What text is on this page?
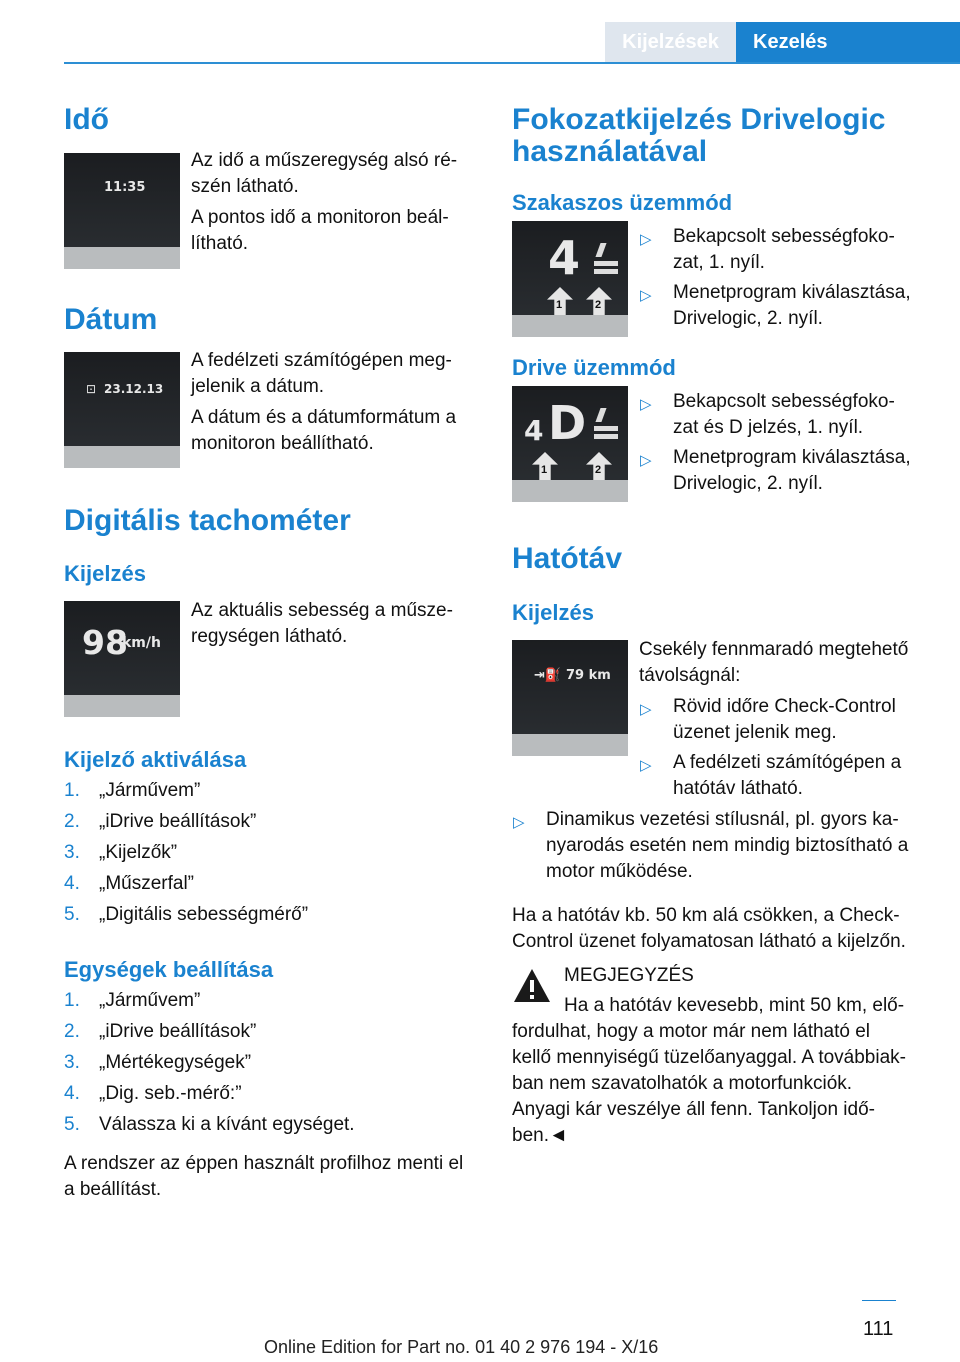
Kijelzések	Kezelés
Idő
11:35
Az idő a műszeregység alsó ré-
szén látható.
A pontos idő a monitoron beál-
lítható.
Dátum
⊡ 23.12.13
A fedélzeti számítógépen meg-
jelenik a dátum.
A dátum és a dátumformátum a
monitoron beállítható.
Digitális tachométer
Kijelzés
98
km/h
Az aktuális sebesség a műsze-
regységen látható.
Kijelző aktiválása
1. „Járművem”
2. „iDrive beállítások”
3. „Kijelzők”
4. „Műszerfal”
5. „Digitális sebességmérő”
Egységek beállítása
1. „Járművem”
2. „iDrive beállítások”
3. „Mértékegységek”
4. „Dig. seb.-mérő:”
5. Válassza ki a kívánt egységet.
A rendszer az éppen használt profilhoz menti el
a beállítást.
Fokozatkijelzés Drivelogic
használatával
Szakaszos üzemmód
4
1	2
▷ Bekapcsolt sebességfoko-
zat, 1. nyíl.
▷ Menetprogram kiválasztása,
Drivelogic, 2. nyíl.
Drive üzemmód
4 D
1	2
▷ Bekapcsolt sebességfoko-
zat és D jelzés, 1. nyíl.
▷ Menetprogram kiválasztása,
Drivelogic, 2. nyíl.
Hatótáv
Kijelzés
⇥⛽ 79 km
Csekély fennmaradó megtehető
távolságnál:
▷ Rövid időre Check-Control
üzenet jelenik meg.
▷ A fedélzeti számítógépen a
hatótáv látható.
▷ Dinamikus vezetési stílusnál, pl. gyors ka-
nyarodás esetén nem mindig biztosítható a
motor működése.
Ha a hatótáv kb. 50 km alá csökken, a Check-
Control üzenet folyamatosan látható a kijelzőn.
MEGJEGYZÉS
Ha a hatótáv kevesebb, mint 50 km, elő-
fordulhat, hogy a motor már nem látható el
kellő mennyiségű tüzelőanyaggal. A továbbiak-
ban nem szavatolhatók a motorfunkciók.
Anyagi kár veszélye áll fenn. Tankoljon idő-
ben.◄
111
Online Edition for Part no. 01 40 2 976 194 - X/16
